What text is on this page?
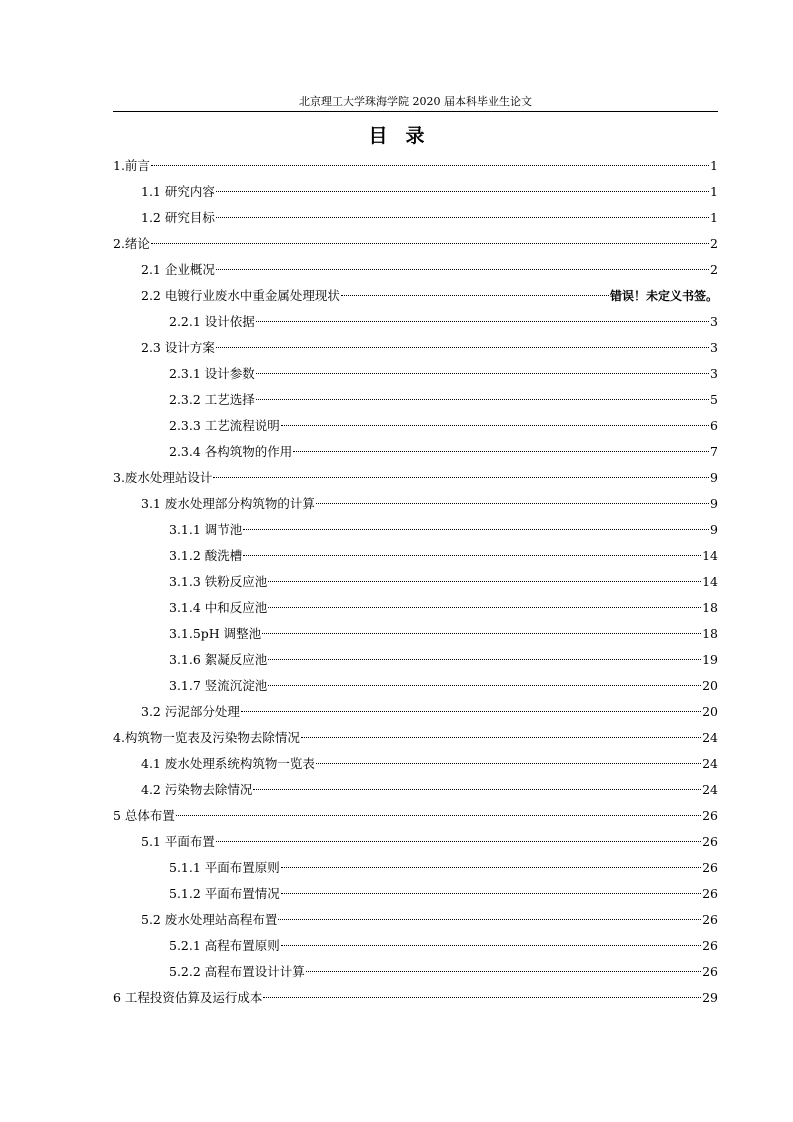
北京理工大学珠海学院 2020 届本科毕业生论文
目录
1.前言	1
1.1 研究内容	1
1.2 研究目标	1
2.绪论	2
2.1 企业概况	2
2.2 电镀行业废水中重金属处理现状	错误！未定义书签。
2.2.1 设计依据	3
2.3 设计方案	3
2.3.1 设计参数	3
2.3.2 工艺选择	5
2.3.3 工艺流程说明	6
2.3.4 各构筑物的作用	7
3.废水处理站设计	9
3.1 废水处理部分构筑物的计算	9
3.1.1 调节池	9
3.1.2 酸洗槽	14
3.1.3 铁粉反应池	14
3.1.4 中和反应池	18
3.1.5pH 调整池	18
3.1.6 絮凝反应池	19
3.1.7 竖流沉淀池	20
3.2 污泥部分处理	20
4.构筑物一览表及污染物去除情况	24
4.1 废水处理系统构筑物一览表	24
4.2 污染物去除情况	24
5 总体布置	26
5.1 平面布置	26
5.1.1 平面布置原则	26
5.1.2 平面布置情况	26
5.2 废水处理站高程布置	26
5.2.1 高程布置原则	26
5.2.2 高程布置设计计算	26
6 工程投资估算及运行成本	29
